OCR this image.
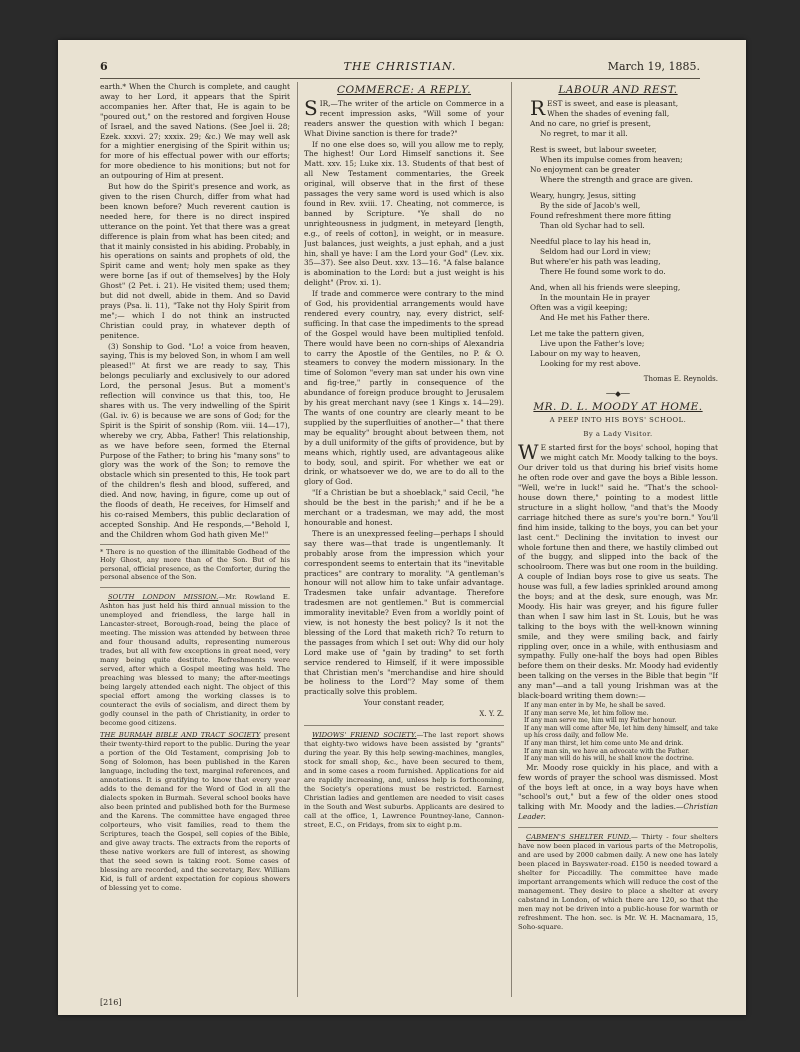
6	THE CHRISTIAN.	March 19, 1885.

earth.* When the Church is complete, and caught away to her Lord, it appears that the Spirit accompanies her. After that, He is again to be "poured out," on the restored and forgiven House of Israel, and the saved Nations. (See Joel ii. 28; Ezek. xxxvi. 27; xxxix. 29; &c.) We may well ask for a mightier energising of the Spirit within us; for more of his effectual power with our efforts; for more obedience to his monitions; but not for an outpouring of Him at present.

But how do the Spirit's presence and work, as given to the risen Church, differ from what had been known before? Much reverent caution is needed here, for there is no direct inspired utterance on the point. Yet that there was a great difference is plain from what has been cited; and that it mainly consisted in his abiding. Probably, in his operations on saints and prophets of old, the Spirit came and went; holy men spake as they were borne [as if out of themselves] by the Holy Ghost" (2 Pet. i. 21). He visited them; used them; but did not dwell, abide in them. And so David prays (Psa. li. 11), "Take not thy Holy Spirit from me";— which I do not think an instructed Christian could pray, in whatever depth of penitence.

(3) Sonship to God. "Lo! a voice from heaven, saying, This is my beloved Son, in whom I am well pleased!" At first we are ready to say, This belongs peculiarly and exclusively to our adored Lord, the personal Jesus. But a moment's reflection will convince us that this, too, He shares with us. The very indwelling of the Spirit (Gal. iv. 6) is because we are sons of God; for the Spirit is the Spirit of sonship (Rom. viii. 14—17), whereby we cry, Abba, Father! This relationship, as we have before seen, formed the Eternal Purpose of the Father; to bring his "many sons" to glory was the work of the Son; to remove the obstacle which sin presented to this, He took part of the children's flesh and blood, suffered, and died. And now, having, in figure, come up out of the floods of death, He receives, for Himself and his co-raised Members, this public declaration of accepted Sonship. And He responds,—"Behold I, and the Children whom God hath given Me!"

* There is no question of the illimitable Godhead of the Holy Ghost, any more than of the Son. But of his personal, official presence, as the Comforter, during the personal absence of the Son.

SOUTH LONDON MISSION.—Mr. Rowland E. Ashton has just held his third annual mission to the unemployed and friendless, the large hall in Lancaster-street, Borough-road, being the place of meeting. The mission was attended by between three and four thousand adults, representing numerous trades, but all with few exceptions in great need, very many being quite destitute. Refreshments were served, after which a Gospel meeting was held. The preaching was blessed to many; the after-meetings being largely attended each night. The object of this special effort among the working classes is to counteract the evils of socialism, and direct them by godly counsel in the path of Christianity, in order to become good citizens.

THE BURMAH BIBLE AND TRACT SOCIETY present their twenty-third report to the public. During the year a portion of the Old Testament, comprising Job to Song of Solomon, has been published in the Karen language, including the text, marginal references, and annotations. It is gratifying to know that every year adds to the demand for the Word of God in all the dialects spoken in Burmah. Several school books have also been printed and published both for the Burmese and the Karens. The committee have engaged three colporteurs, who visit families, read to them the Scriptures, teach the Gospel, sell copies of the Bible, and give away tracts. The extracts from the reports of these native workers are full of interest, as showing that the seed sown is taking root. Some cases of blessing are recorded, and the secretary, Rev. William Kid, is full of ardent expectation for copious showers of blessing yet to come.

COMMERCE: A REPLY.

SIR,—The writer of the article on Commerce in a recent impression asks, "Will some of your readers answer the question with which I began: What Divine sanction is there for trade?"

If no one else does so, will you allow me to reply, The highest! Our Lord Himself sanctions it. See Matt. xxv. 15; Luke xix. 13. Students of that best of all New Testament commentaries, the Greek original, will observe that in the first of these passages the very same word is used which is also found in Rev. xviii. 17. Cheating, not commerce, is banned by Scripture. "Ye shall do no unrighteousness in judgment, in meteyard [length, e.g., of reels of cotton], in weight, or in measure. Just balances, just weights, a just ephah, and a just hin, shall ye have: I am the Lord your God" (Lev. xix. 35—37). See also Deut. xxv. 13—16. "A false balance is abomination to the Lord: but a just weight is his delight" (Prov. xi. 1).

If trade and commerce were contrary to the mind of God, his providential arrangements would have rendered every country, nay, every district, self-sufficing. In that case the impediments to the spread of the Gospel would have been multiplied tenfold. There would have been no corn-ships of Alexandria to carry the Apostle of the Gentiles, no P. & O. steamers to convey the modern missionary. In the time of Solomon "every man sat under his own vine and fig-tree," partly in consequence of the abundance of foreign produce brought to Jerusalem by his great merchant navy (see 1 Kings x. 14—29). The wants of one country are clearly meant to be supplied by the superfluities of another—" that there may be equality" brought about between them, not by a dull uniformity of the gifts of providence, but by means which, rightly used, are advantageous alike to body, soul, and spirit. For whether we eat or drink, or whatsoever we do, we are to do all to the glory of God.

"If a Christian be but a shoeblack," said Cecil, "he should be the best in the parish;" and if he be a merchant or a tradesman, we may add, the most honourable and honest.

There is an unexpressed feeling—perhaps I should say there was—that trade is ungentlemanly. It probably arose from the impression which your correspondent seems to entertain that its "inevitable practices" are contrary to morality. "A gentleman's honour will not allow him to take unfair advantage. Tradesmen take unfair advantage. Therefore tradesmen are not gentlemen." But is commercial immorality inevitable? Even from a worldly point of view, is not honesty the best policy? Is it not the blessing of the Lord that maketh rich? To return to the passages from which I set out: Why did our holy Lord make use of "gain by trading" to set forth service rendered to Himself, if it were impossible that Christian men's "merchandise and hire should be holiness to the Lord"? May some of them practically solve this problem.

Your constant reader,
X. Y. Z.

WIDOWS' FRIEND SOCIETY.—The last report shows that eighty-two widows have been assisted by "grants" during the year. By this help sewing-machines, mangles, stock for small shop, &c., have been secured to them, and in some cases a room furnished. Applications for aid are rapidly increasing, and, unless help is forthcoming, the Society's operations must be restricted. Earnest Christian ladies and gentlemen are needed to visit cases in the South and West suburbs. Applicants are desired to call at the office, 1, Lawrence Pountney-lane, Cannon-street, E.C., on Fridays, from six to eight p.m.

LABOUR AND REST.
REST is sweet, and ease is pleasant,
When the shades of evening fall,
And no care, no grief is present,
No regret, to mar it all.
Rest is sweet, but labour sweeter,
When its impulse comes from heaven;
No enjoyment can be greater
Where the strength and grace are given.
Weary, hungry, Jesus, sitting
By the side of Jacob's well,
Found refreshment there more fitting
Than old Sychar had to sell.
Needful place to lay his head in,
Seldom had our Lord in view;
But where'er his path was leading,
There He found some work to do.
And, when all his friends were sleeping,
In the mountain He in prayer
Often was a vigil keeping;
And He met his Father there.
Let me take the pattern given,
Live upon the Father's love;
Labour on my way to heaven,
Looking for my rest above.
Thomas E. Reynolds.
──◆──
MR. D. L. MOODY AT HOME.
A PEEP INTO HIS BOYS' SCHOOL.
By a Lady Visitor.

W E started first for the boys' school, hoping that we might catch Mr. Moody talking to the boys. Our driver told us that during his brief visits home he often rode over and gave the boys a Bible lesson. "Well, we're in luck!" said he. "That's the school-house down there," pointing to a modest little structure in a slight hollow, "and that's the Moody carriage hitched there as sure's you're born." You'll find him inside, talking to the boys, you can bet your last cent." Declining the invitation to invest our whole fortune then and there, we hastily climbed out of the buggy, and slipped into the back of the schoolroom. There was but one room in the building. A couple of Indian boys rose to give us seats. The house was full, a few ladies sprinkled around among the boys; and at the desk, sure enough, was Mr. Moody. His hair was greyer, and his figure fuller than when I saw him last in St. Louis, but he was talking to the boys with the well-known winning smile, and they were smiling back, and fairly rippling over, once in a while, with enthusiasm and sympathy. Fully one-half the boys had open Bibles before them on their desks. Mr. Moody had evidently been talking on the verses in the Bible that begin "If any man"—and a tall young Irishman was at the black-board writing them down:—

If any man enter in by Me, he shall be saved.
If any man serve Me, let him follow me.
If any man serve me, him will my Father honour.
If any man will come after Me, let him deny himself, and take up his cross daily, and follow Me.
If any man thirst, let him come unto Me and drink.
If any man sin, we have an advocate with the Father.
If any man will do his will, he shall know the doctrine.

Mr. Moody rose quickly in his place, and with a few words of prayer the school was dismissed. Most of the boys left at once, in a way boys have when "school's out," but a few of the older ones stood talking with Mr. Moody and the ladies.—Christian Leader.

CABMEN'S SHELTER FUND.— Thirty - four shelters have now been placed in various parts of the Metropolis, and are used by 2000 cabmen daily. A new one has lately been placed in Bayswater-road. £150 is needed toward a shelter for Piccadilly. The committee have made important arrangements which will reduce the cost of the management. They desire to place a shelter at every cabstand in London, of which there are 120, so that the men may not be driven into a public-house for warmth or refreshment. The hon. sec. is Mr. W. H. Macnamara, 15, Soho-square.

[216]
